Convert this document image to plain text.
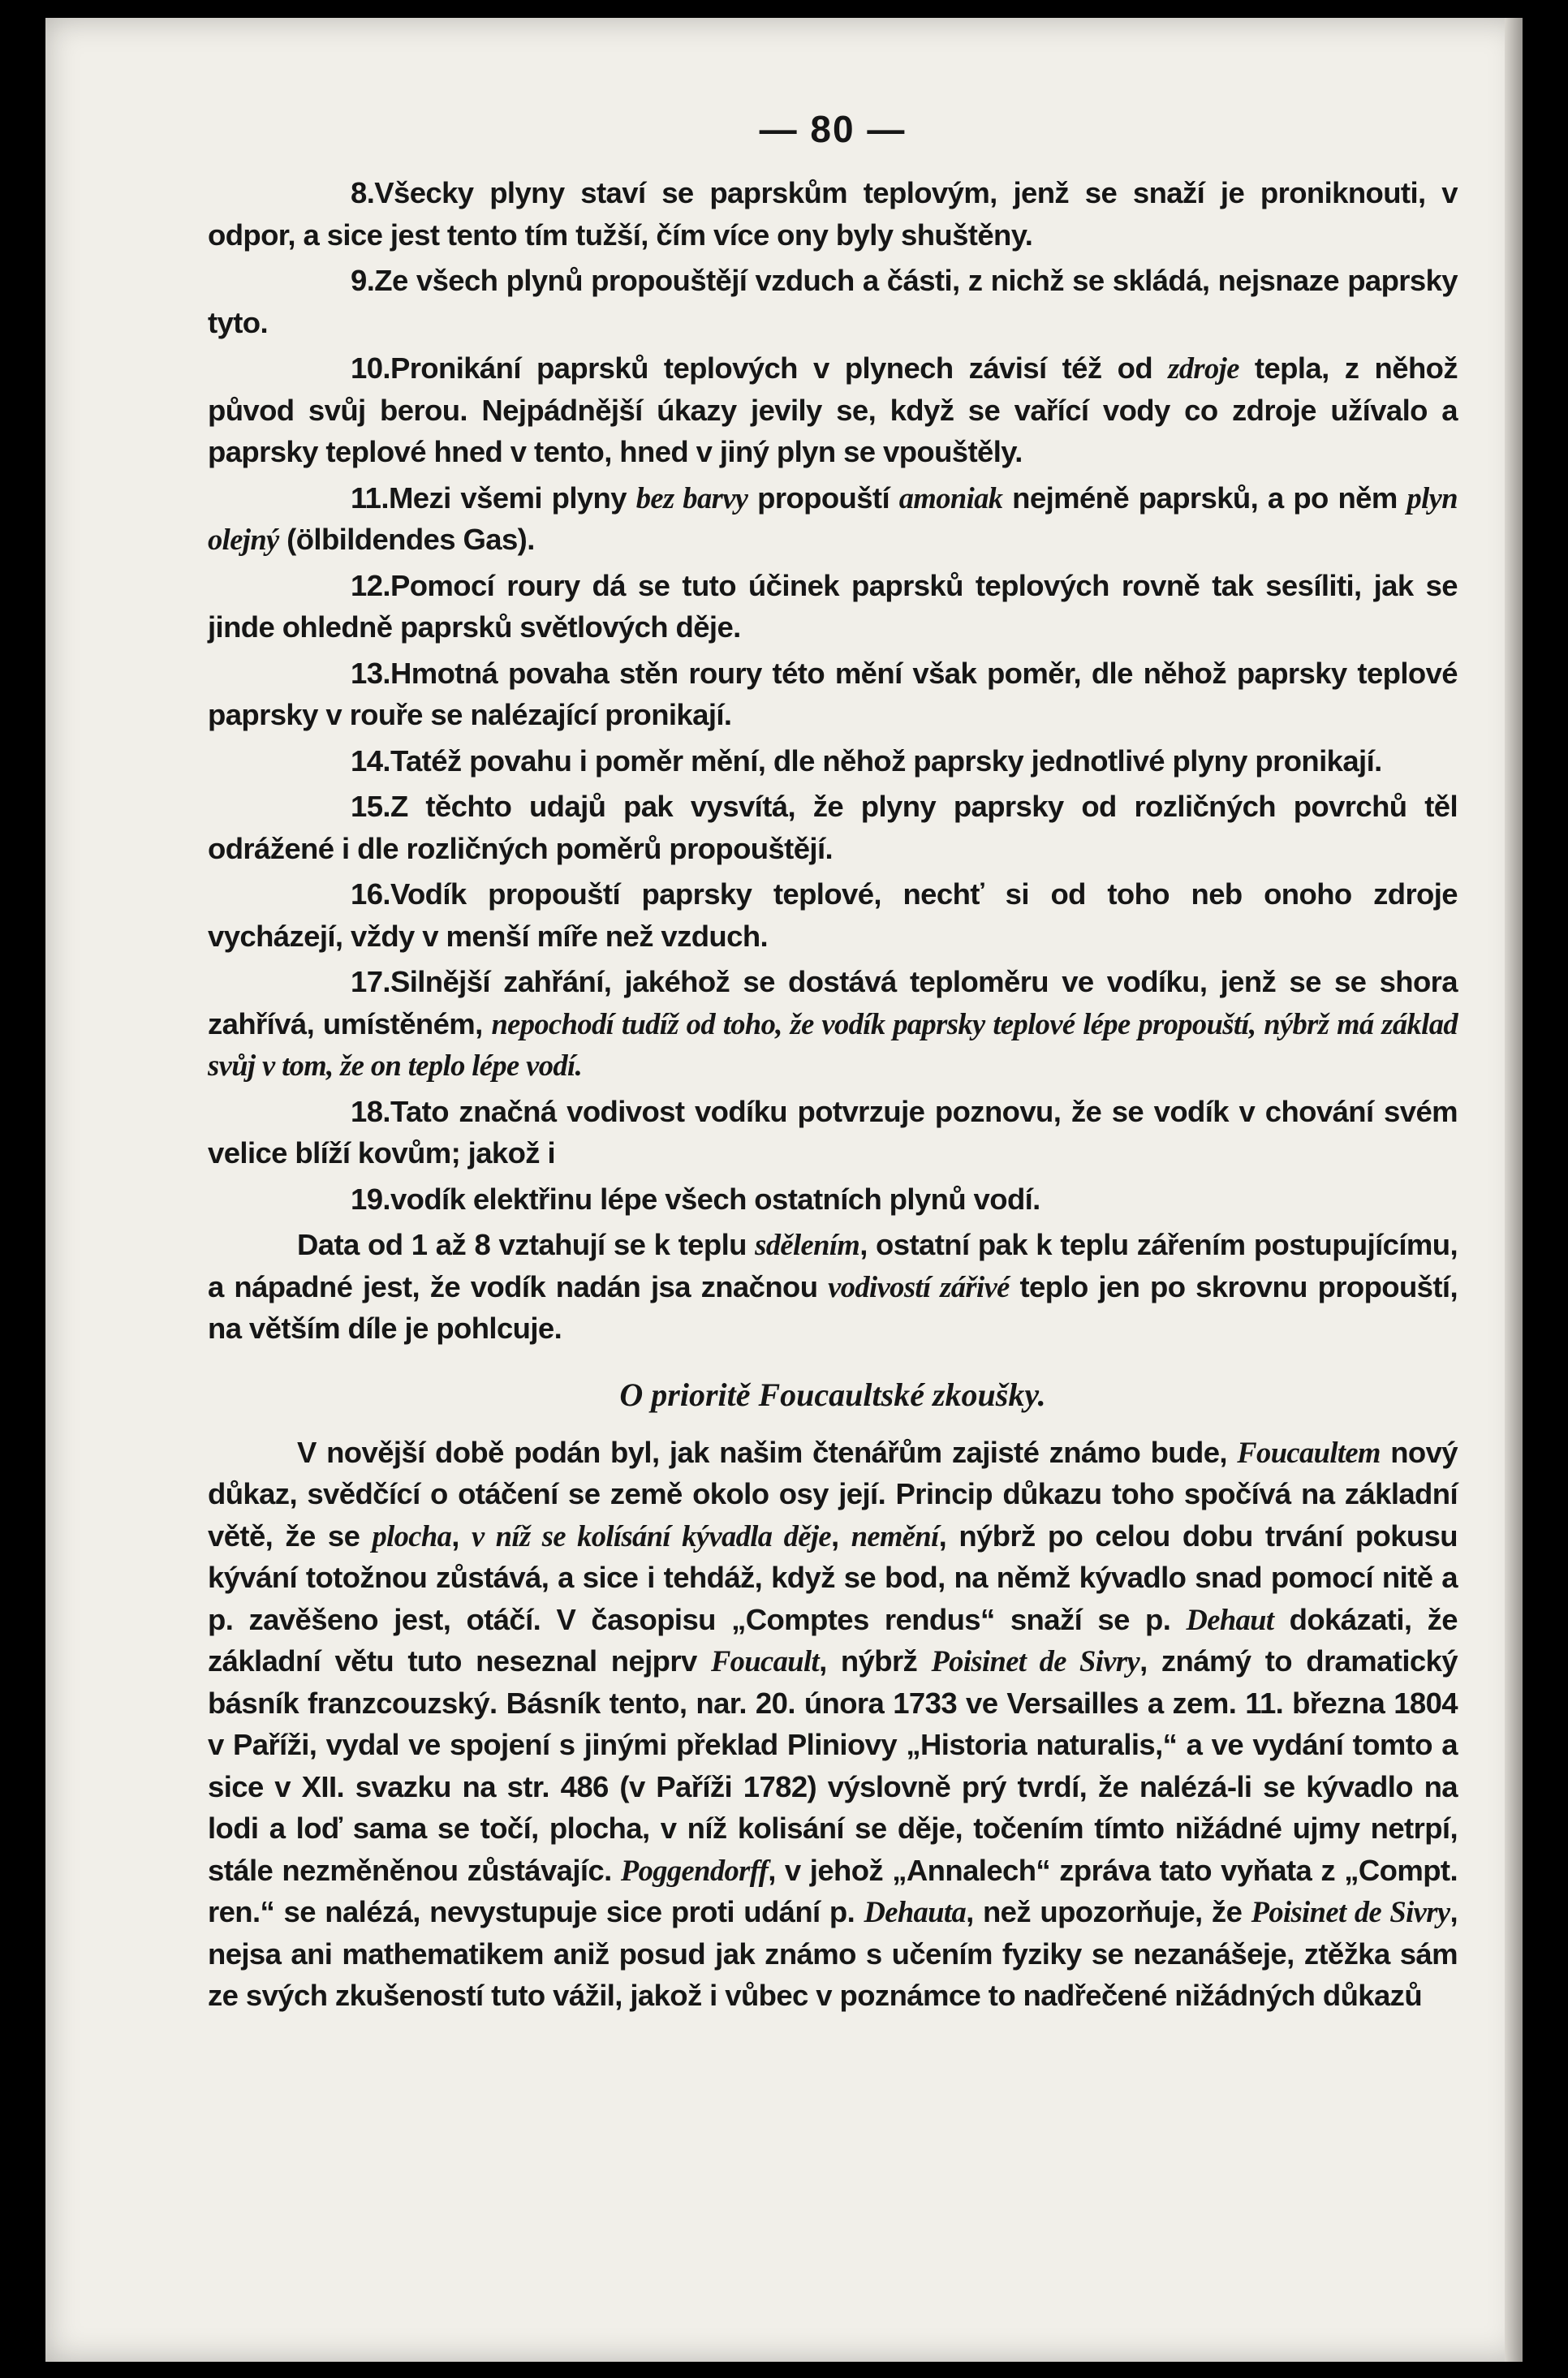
— 80 —

8.Všecky plyny staví se paprskům teplovým, jenž se snaží je proniknouti, v odpor, a sice jest tento tím tužší, čím více ony byly shuštěny.

9.Ze všech plynů propouštějí vzduch a části, z nichž se skládá, nejsnaze paprsky tyto.

10.Pronikání paprsků teplových v plynech závisí též od zdroje tepla, z něhož původ svůj berou. Nejpádnější úkazy jevily se, když se vařící vody co zdroje užívalo a paprsky teplové hned v tento, hned v jiný plyn se vpouštěly.

11.Mezi všemi plyny bez barvy propouští amoniak nejméně paprsků, a po něm plyn olejný (ölbildendes Gas).

12.Pomocí roury dá se tuto účinek paprsků teplových rovně tak sesíliti, jak se jinde ohledně paprsků světlových děje.

13.Hmotná povaha stěn roury této mění však poměr, dle něhož paprsky teplové paprsky v rouře se nalézající pronikají.

14.Tatéž povahu i poměr mění, dle něhož paprsky jednotlivé plyny pronikají.

15.Z těchto udajů pak vysvítá, že plyny paprsky od rozličných povrchů těl odrážené i dle rozličných poměrů propouštějí.

16.Vodík propouští paprsky teplové, nechť si od toho neb onoho zdroje vycházejí, vždy v menší míře než vzduch.

17.Silnější zahřání, jakéhož se dostává teploměru ve vodíku, jenž se se shora zahřívá, umístěném, nepochodí tudíž od toho, že vodík paprsky teplové lépe propouští, nýbrž má základ svůj v tom, že on teplo lépe vodí.

18.Tato značná vodivost vodíku potvrzuje poznovu, že se vodík v chování svém velice blíží kovům; jakož i

19.vodík elektřinu lépe všech ostatních plynů vodí.

Data od 1 až 8 vztahují se k teplu sdělením, ostatní pak k teplu zářením postupujícímu, a nápadné jest, že vodík nadán jsa značnou vodivostí zářivé teplo jen po skrovnu propouští, na větším díle je pohlcuje.

O prioritě Foucaultské zkoušky.

V novější době podán byl, jak našim čtenářům zajisté známo bude, Foucaultem nový důkaz, svědčící o otáčení se země okolo osy její. Princip důkazu toho spočívá na základní větě, že se plocha, v níž se kolísání kývadla děje, nemění, nýbrž po celou dobu trvání pokusu kývání totožnou zůstává, a sice i tehdáž, když se bod, na němž kývadlo snad pomocí nitě a p. zavěšeno jest, otáčí. V časopisu „Comptes rendus“ snaží se p. Dehaut dokázati, že základní větu tuto neseznal nejprv Foucault, nýbrž Poisinet de Sivry, známý to dramatický básník franzcouzský. Básník tento, nar. 20. února 1733 ve Versailles a zem. 11. března 1804 v Paříži, vydal ve spojení s jinými překlad Pliniovy „Historia naturalis,“ a ve vydání tomto a sice v XII. svazku na str. 486 (v Paříži 1782) výslovně prý tvrdí, že nalézá-li se kývadlo na lodi a loď sama se točí, plocha, v níž kolisání se děje, točením tímto nižádné ujmy netrpí, stále nezměněnou zůstávajíc. Poggendorff, v jehož „Annalech“ zpráva tato vyňata z „Compt. ren.“ se nalézá, nevystupuje sice proti udání p. Dehauta, než upozorňuje, že Poisinet de Sivry, nejsa ani mathematikem aniž posud jak známo s učením fyziky se nezanášeje, ztěžka sám ze svých zkušeností tuto vážil, jakož i vůbec v poznámce to nadřečené nižádných důkazů
